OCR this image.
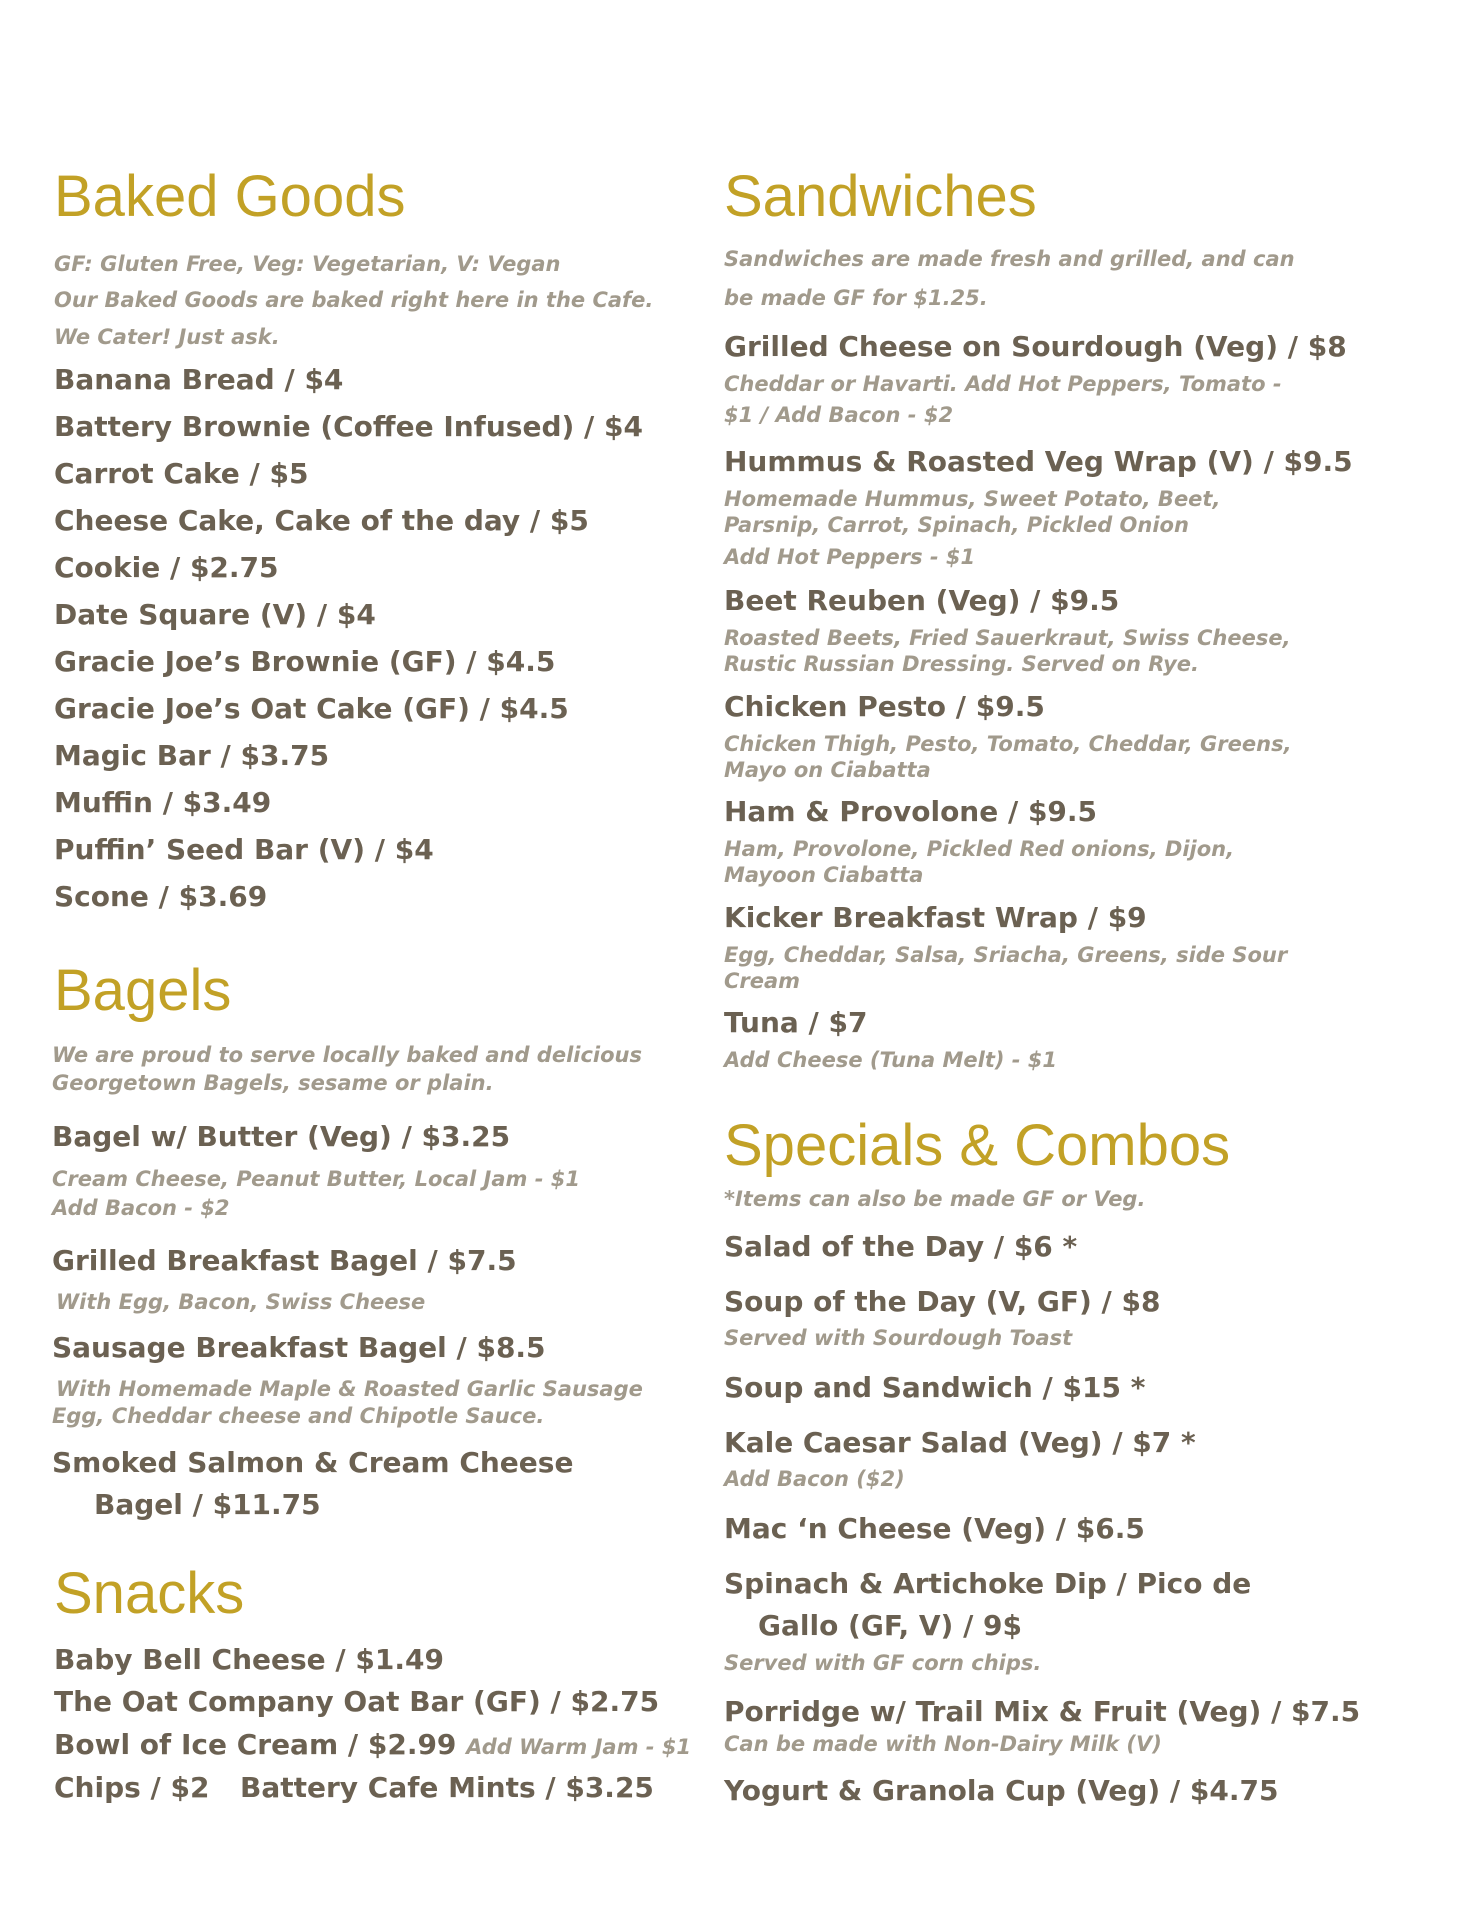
Baked Goods

GF: Gluten Free, Veg: Vegetarian, V: Vegan

Our Baked Goods are baked right here in the Cafe.

We Cater! Just ask.

Banana Bread / $4

Battery Brownie (Coffee Infused) / $4

Carrot Cake / $5

Cheese Cake, Cake of the day / $5

Cookie / $2.75

Date Square (V) / $4

Gracie Joe’s Brownie (GF) / $4.5

Gracie Joe’s Oat Cake (GF) / $4.5

Magic Bar / $3.75

Muffin / $3.49

Puffin’ Seed Bar (V) / $4

Scone / $3.69

Bagels

We are proud to serve locally baked and delicious

Georgetown Bagels, sesame or plain.

Bagel w/ Butter (Veg) / $3.25

Cream Cheese, Peanut Butter, Local Jam - $1

Add Bacon - $2

Grilled Breakfast Bagel / $7.5

With Egg, Bacon, Swiss Cheese

Sausage Breakfast Bagel / $8.5

With Homemade Maple & Roasted Garlic Sausage

Egg, Cheddar cheese and Chipotle Sauce.

Smoked Salmon & Cream Cheese

Bagel / $11.75

Snacks

Baby Bell Cheese / $1.49

The Oat Company Oat Bar (GF) / $2.75

Bowl of Ice Cream / $2.99 Add Warm Jam - $1

Chips / $2 Battery Cafe Mints / $3.25

Sandwiches

Sandwiches are made fresh and grilled, and can

be made GF for $1.25.

Grilled Cheese on Sourdough (Veg) / $8

Cheddar or Havarti. Add Hot Peppers, Tomato -

$1 / Add Bacon - $2

Hummus & Roasted Veg Wrap (V) / $9.5

Homemade Hummus, Sweet Potato, Beet,

Parsnip, Carrot, Spinach, Pickled Onion

Add Hot Peppers - $1

Beet Reuben (Veg) / $9.5

Roasted Beets, Fried Sauerkraut, Swiss Cheese,

Rustic Russian Dressing. Served on Rye.

Chicken Pesto / $9.5

Chicken Thigh, Pesto, Tomato, Cheddar, Greens,

Mayo on Ciabatta

Ham & Provolone / $9.5

Ham, Provolone, Pickled Red onions, Dijon,

Mayoon Ciabatta

Kicker Breakfast Wrap / $9

Egg, Cheddar, Salsa, Sriacha, Greens, side Sour

Cream

Tuna / $7

Add Cheese (Tuna Melt) - $1

Specials & Combos

*Items can also be made GF or Veg.

Salad of the Day / $6 *

Soup of the Day (V, GF) / $8

Served with Sourdough Toast

Soup and Sandwich / $15 *

Kale Caesar Salad (Veg) / $7 *

Add Bacon ($2)

Mac ‘n Cheese (Veg) / $6.5

Spinach & Artichoke Dip / Pico de

Gallo (GF, V) / 9$

Served with GF corn chips.

Porridge w/ Trail Mix & Fruit (Veg) / $7.5

Can be made with Non-Dairy Milk (V)

Yogurt & Granola Cup (Veg) / $4.75
